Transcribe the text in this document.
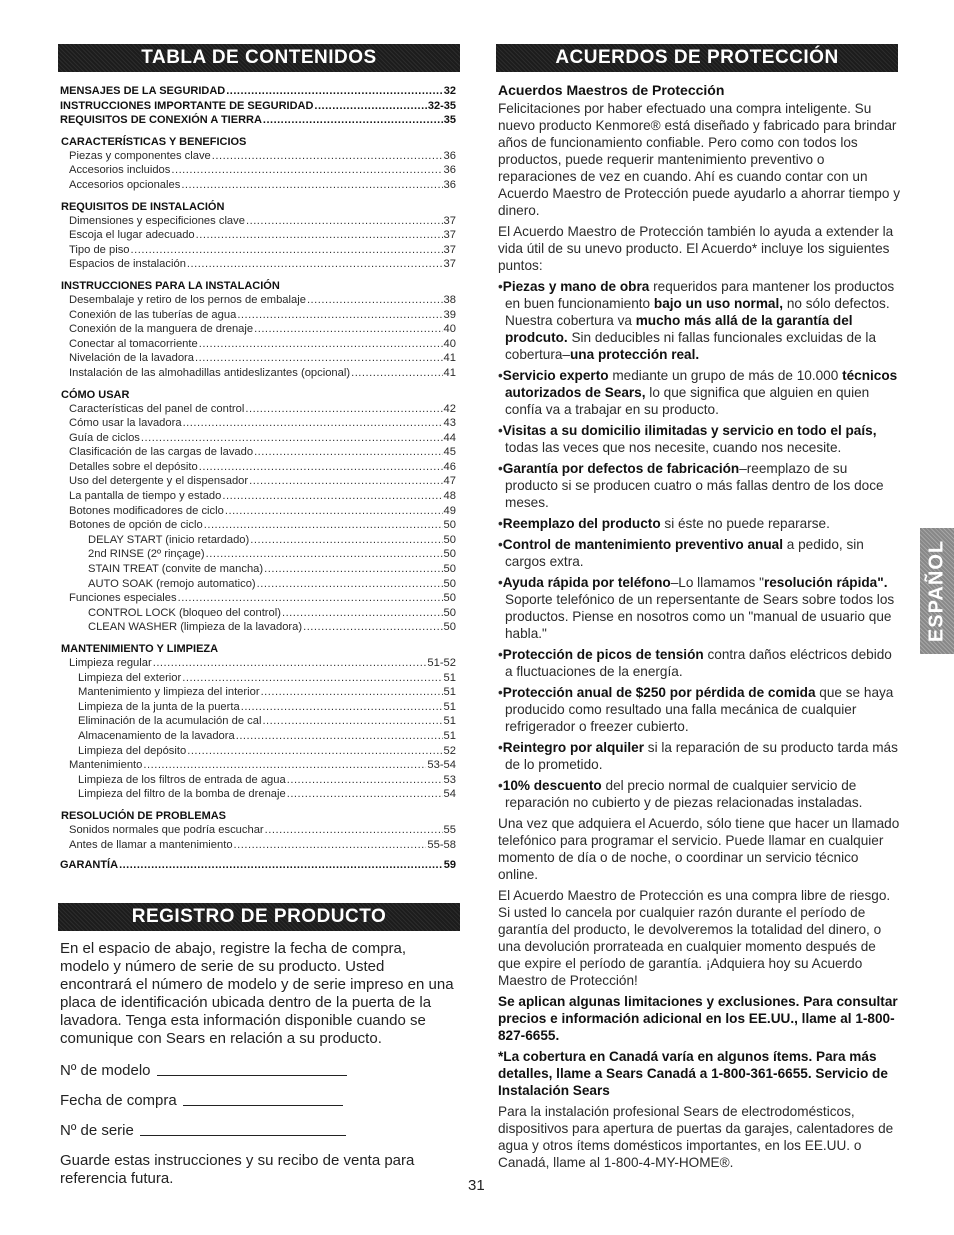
TABLA DE CONTENIDOS	ACUERDOS DE PROTECCIÓN
REGISTRO DE PRODUCTO
MENSAJES DE LA SEGURIDAD .....	32
INSTRUCCIONES IMPORTANTE DE SEGURIDAD .....	32-35
REQUISITOS DE CONEXIÓN A TIERRA .....	35
CARACTERÍSTICAS Y BENEFICIOS
Piezas y componentes clave .....	36
Accesorios incluidos .....	36
Accesorios opcionales .....	36
REQUISITOS DE INSTALACIÓN
Dimensiones y especificiones clave .....	37
Escoja el lugar adecuado .....	37
Tipo de piso .....	37
Espacios de instalación .....	37
INSTRUCCIONES PARA LA INSTALACIÓN
Desembalaje y retiro de los pernos de embalaje .....	38
Conexión de las tuberías de agua .....	39
Conexión de la manguera de drenaje .....	40
Conectar al tomacorriente .....	40
Nivelación de la lavadora .....	41
Instalación de las almohadillas antideslizantes (opcional) .....	41
CÓMO USAR
Características del panel de control .....	42
Cómo usar la lavadora .....	43
Guía de ciclos .....	44
Clasificación de las cargas de lavado .....	45
Detalles sobre el depósito .....	46
Uso del detergente y el dispensador .....	47
La pantalla de tiempo y estado .....	48
Botones modificadores de ciclo .....	49
Botones de opción de ciclo .....	50
DELAY START (inicio retardado) .....	50
2nd RINSE (2º rinçage) .....	50
STAIN TREAT (convite de mancha) .....	50
AUTO SOAK (remojo automatico) .....	50
Funciones especiales .....	50
CONTROL LOCK (bloqueo del control) .....	50
CLEAN WASHER (limpieza de la lavadora) .....	50
MANTENIMIENTO Y LIMPIEZA
Limpieza regular .....	51-52
Limpieza del exterior .....	51
Mantenimiento y limpieza del interior .....	51
Limpieza de la junta de la puerta .....	51
Eliminación de la acumulación de cal .....	51
Almacenamiento de la lavadora .....	51
Limpieza del depósito .....	52
Mantenimiento .....	53-54
Limpieza de los filtros de entrada de agua .....	53
Limpieza del filtro de la bomba de drenaje .....	54
RESOLUCIÓN DE PROBLEMAS
Sonidos normales que podría escuchar .....	55
Antes de llamar a mantenimiento .....	55-58
GARANTÍA .....	59

En el espacio de abajo, registre la fecha de compra, modelo y número de serie de su producto. Usted encontrará el número de modelo y de serie impreso en una placa de identificación ubicada dentro de la puerta de la lavadora. Tenga esta información disponible cuando se comunique con Sears en relación a su producto.

Nº de modelo
Fecha de compra
Nº de serie

Guarde estas instrucciones y su recibo de venta para referencia futura.

Acuerdos Maestros de Protección

Felicitaciones por haber efectuado una compra inteligente. Su nuevo producto Kenmore® está diseñado y fabricado para brindar años de funcionamiento confiable. Pero como con todos los productos, puede requerir mantenimiento preventivo o reparaciones de vez en cuando. Ahí es cuando contar con un Acuerdo Maestro de Protección puede ayudarlo a ahorrar tiempo y dinero.

El Acuerdo Maestro de Protección también lo ayuda a extender la vida útil de su unevo producto. El Acuerdo* incluye los siguientes puntos:

•Piezas y mano de obra requeridos para mantener los productos en buen funcionamiento bajo un uso normal, no sólo defectos. Nuestra cobertura va mucho más allá de la garantía del prodcuto. Sin deducibles ni fallas funcionales excluidas de la cobertura–una protección real.

•Servicio experto mediante un grupo de más de 10.000 técnicos autorizados de Sears, lo que significa que alguien en quien confía va a trabajar en su producto.

•Visitas a su domicilio ilimitadas y servicio en todo el país, todas las veces que nos necesite, cuando nos necesite.

•Garantía por defectos de fabricación–reemplazo de su producto si se producen cuatro o más fallas dentro de los doce meses.

•Reemplazo del producto si éste no puede repararse.

•Control de mantenimiento preventivo anual a pedido, sin cargos extra.

•Ayuda rápida por teléfono–Lo llamamos "resolución rápida". Soporte telefónico de un repersentante de Sears sobre todos los productos. Piense en nosotros como un "manual de usuario que habla."

•Protección de picos de tensión contra daños eléctricos debido a fluctuaciones de la energía.

•Protección anual de $250 por pérdida de comida que se haya producido como resultado una falla mecánica de cualquier refrigerador o freezer cubierto.

•Reintegro por alquiler si la reparación de su producto tarda más de lo prometido.

•10% descuento del precio normal de cualquier servicio de reparación no cubierto y de piezas relacionadas instaladas.

Una vez que adquiera el Acuerdo, sólo tiene que hacer un llamado telefónico para programar el servicio. Puede llamar en cualquier momento de día o de noche, o coordinar un servicio técnico online.

El Acuerdo Maestro de Protección es una compra libre de riesgo. Si usted lo cancela por cualquier razón durante el período de garantía del producto, le devolveremos la totalidad del dinero, o una devolución prorrateada en cualquier momento después de que expire el período de garantía. ¡Adquiera hoy su Acuerdo Maestro de Protección!

Se aplican algunas limitaciones y exclusiones. Para consultar precios e información adicional en los EE.UU., llame al 1-800-827-6655.

*La cobertura en Canadá varía en algunos ítems. Para más detalles, llame a Sears Canadá a 1-800-361-6655. Servicio de Instalación Sears

Para la instalación profesional Sears de electrodomésticos, dispositivos para apertura de puertas da garajes, calentadores de agua y otros ítems domésticos importantes, en los EE.UU. o Canadá, llame al 1-800-4-MY-HOME®.

31
ESPAÑOL
